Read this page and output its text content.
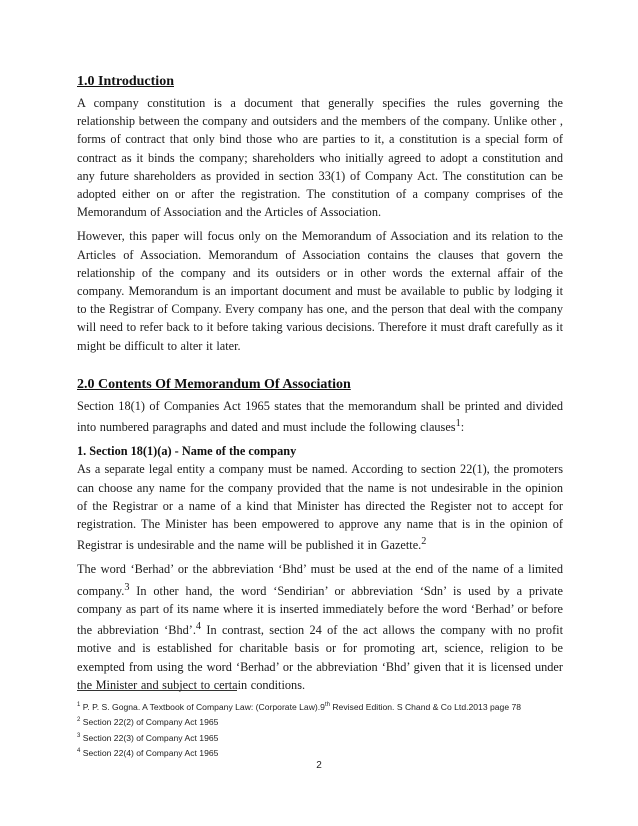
1.0 Introduction

A company constitution is a document that generally specifies the rules governing the relationship between the company and outsiders and the members of the company. Unlike other , forms of contract that only bind those who are parties to it, a constitution is a special form of contract as it binds the company; shareholders who initially agreed to adopt a constitution and any future shareholders as provided in section 33(1) of Company Act. The constitution can be adopted either on or after the registration. The constitution of a company comprises of the Memorandum of Association and the Articles of Association.

However, this paper will focus only on the Memorandum of Association and its relation to the Articles of Association. Memorandum of Association contains the clauses that govern the relationship of the company and its outsiders or in other words the external affair of the company. Memorandum is an important document and must be available to public by lodging it to the Registrar of Company. Every company has one, and the person that deal with the company will need to refer back to it before taking various decisions. Therefore it must draft carefully as it might be difficult to alter it later.

2.0 Contents Of Memorandum Of Association

Section 18(1) of Companies Act 1965 states that the memorandum shall be printed and divided into numbered paragraphs and dated and must include the following clauses$^1$:

1. Section 18(1)(a) - Name of the company

As a separate legal entity a company must be named. According to section 22(1), the promoters can choose any name for the company provided that the name is not undesirable in the opinion of the Registrar or a name of a kind that Minister has directed the Register not to accept for registration. The Minister has been empowered to approve any name that is in the opinion of Registrar is undesirable and the name will be published it in Gazette.$^2$

The word ‘Berhad’ or the abbreviation ‘Bhd’ must be used at the end of the name of a limited company.$^3$ In other hand, the word ‘Sendirian’ or abbreviation ‘Sdn’ is used by a private company as part of its name where it is inserted immediately before the word ‘Berhad’ or before the abbreviation ‘Bhd’.$^4$ In contrast, section 24 of the act allows the company with no profit motive and is established for charitable basis or for promoting art, science, religion to be exempted from using the word ‘Berhad’ or the abbreviation ‘Bhd’ given that it is licensed under the Minister and subject to certain conditions.

$^1$ P. P. S. Gogna. A Textbook of Company Law: (Corporate Law).9th Revised Edition. S Chand & Co Ltd.2013 page 78
$^2$ Section 22(2) of Company Act 1965
$^3$ Section 22(3) of Company Act 1965
$^4$ Section 22(4) of Company Act 1965
2
